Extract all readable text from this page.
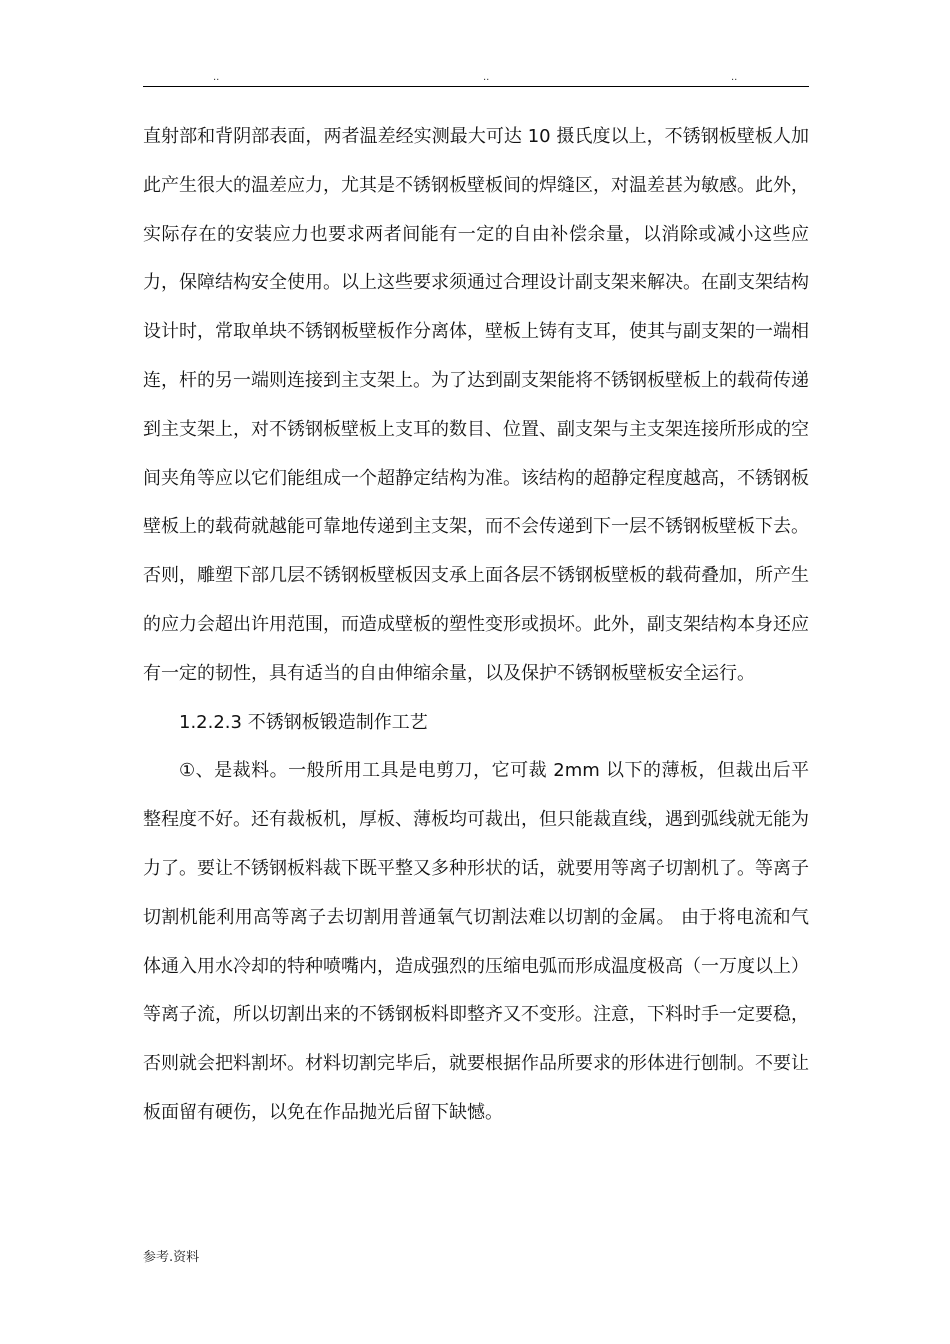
..	..	..

直射部和背阴部表面，两者温差经实测最大可达 10 摄氏度以上，不锈钢板壁板人加此产生很大的温差应力，尤其是不锈钢板壁板间的焊缝区，对温差甚为敏感。此外，实际存在的安装应力也要求两者间能有一定的自由补偿余量，以消除或减小这些应力，保障结构安全使用。以上这些要求须通过合理设计副支架来解决。在副支架结构设计时，常取单块不锈钢板壁板作分离体，壁板上铸有支耳，使其与副支架的一端相连，杆的另一端则连接到主支架上。为了达到副支架能将不锈钢板壁板上的载荷传递到主支架上，对不锈钢板壁板上支耳的数目、位置、副支架与主支架连接所形成的空间夹角等应以它们能组成一个超静定结构为准。该结构的超静定程度越高，不锈钢板壁板上的载荷就越能可靠地传递到主支架，而不会传递到下一层不锈钢板壁板下去。否则，雕塑下部几层不锈钢板壁板因支承上面各层不锈钢板壁板的载荷叠加，所产生的应力会超出许用范围，而造成壁板的塑性变形或损坏。此外，副支架结构本身还应有一定的韧性，具有适当的自由伸缩余量，以及保护不锈钢板壁板安全运行。

1.2.2.3 不锈钢板锻造制作工艺

①、是裁料。一般所用工具是电剪刀，它可裁 2mm 以下的薄板，但裁出后平整程度不好。还有裁板机，厚板、薄板均可裁出，但只能裁直线，遇到弧线就无能为力了。要让不锈钢板料裁下既平整又多种形状的话，就要用等离子切割机了。等离子切割机能利用高等离子去切割用普通氧气切割法难以切割的金属。 由于将电流和气体通入用水冷却的特种喷嘴内，造成强烈的压缩电弧而形成温度极高（一万度以上）等离子流，所以切割出来的不锈钢板料即整齐又不变形。注意，下料时手一定要稳，否则就会把料割坏。材料切割完毕后，就要根据作品所要求的形体进行刨制。不要让板面留有硬伤，以免在作品抛光后留下缺憾。

参考.资料
